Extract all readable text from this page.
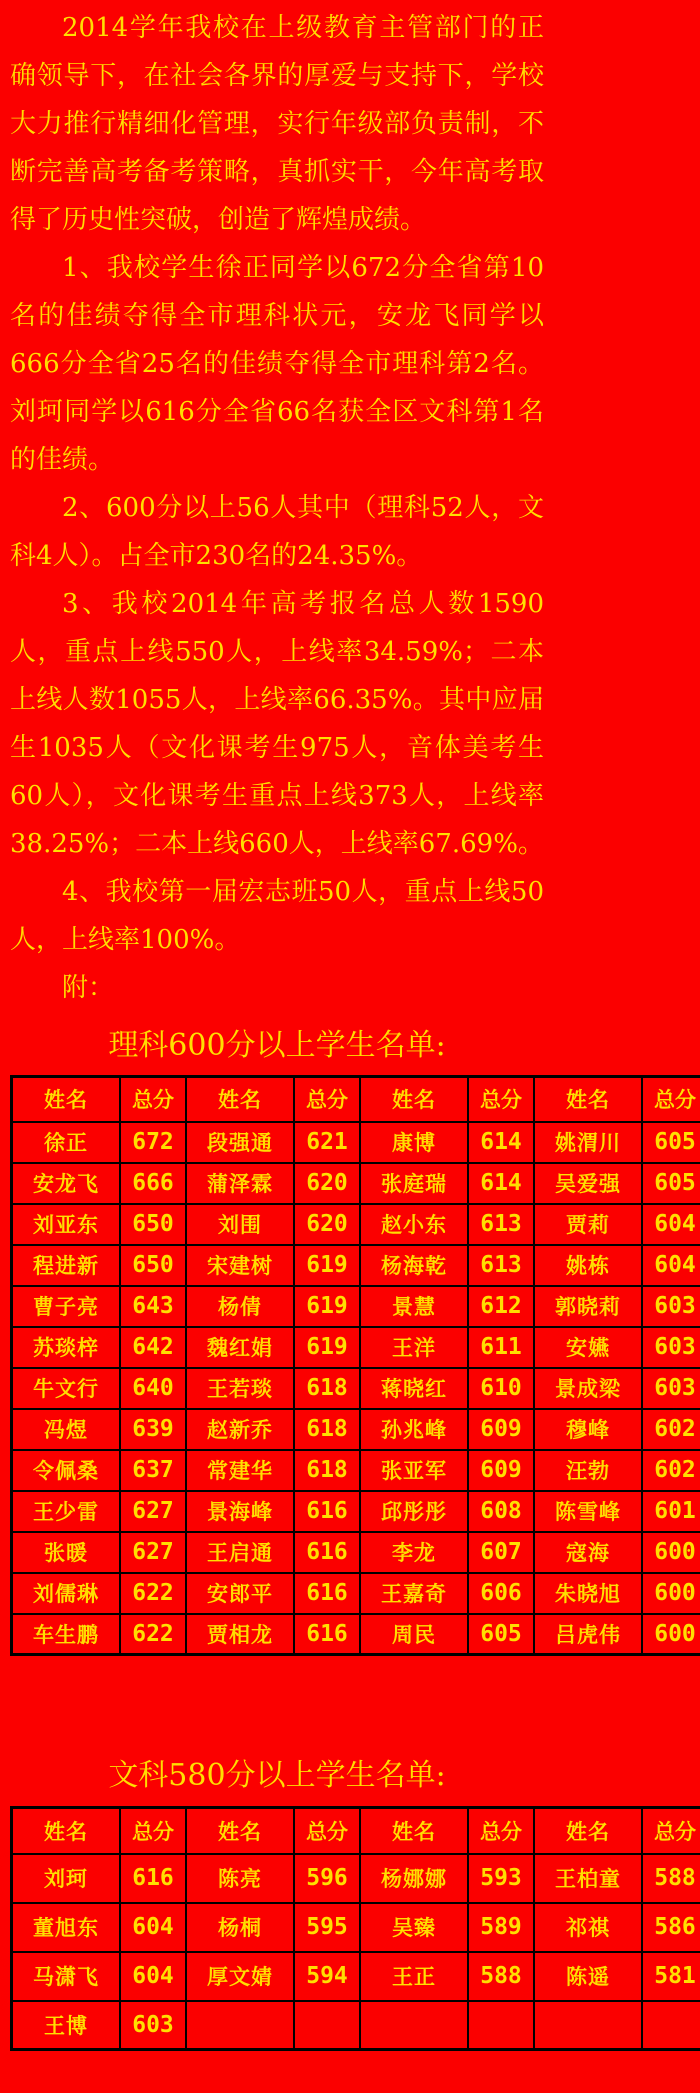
2014学年我校在上级教育主管部门的正确领导下，在社会各界的厚爱与支持下，学校大力推行精细化管理，实行年级部负责制，不断完善高考备考策略，真抓实干，今年高考取得了历史性突破，创造了辉煌成绩。

1、我校学生徐正同学以672分全省第10名的佳绩夺得全市理科状元，安龙飞同学以666分全省25名的佳绩夺得全市理科第2名。刘珂同学以616分全省66名获全区文科第1名的佳绩。

2、600分以上56人其中（理科52人，文科4人）。占全市230名的24.35%。

3、我校2014年高考报名总人数1590人，重点上线550人，上线率34.59%；二本上线人数1055人，上线率66.35%。其中应届生1035人（文化课考生975人，音体美考生60人），文化课考生重点上线373人，上线率38.25%；二本上线660人，上线率67.69%。

4、我校第一届宏志班50人，重点上线50人，上线率100%。

附：

理科600分以上学生名单:
姓名	总分	姓名	总分	姓名	总分	姓名	总分
徐正	672	段强通	621	康博	614	姚渭川	605
安龙飞	666	蒲泽霖	620	张庭瑞	614	吴爱强	605
刘亚东	650	刘围	620	赵小东	613	贾莉	604
程进新	650	宋建树	619	杨海乾	613	姚栋	604
曹子亮	643	杨倩	619	景慧	612	郭晓莉	603
苏琰梓	642	魏红娟	619	王洋	611	安嬿	603
牛文行	640	王若琰	618	蒋晓红	610	景成梁	603
冯煜	639	赵新乔	618	孙兆峰	609	穆峰	602
令佩桑	637	常建华	618	张亚军	609	汪勃	602
王少雷	627	景海峰	616	邱彤彤	608	陈雪峰	601
张暖	627	王启通	616	李龙	607	寇海	600
刘儒琳	622	安郎平	616	王嘉奇	606	朱晓旭	600
车生鹏	622	贾相龙	616	周民	605	吕虎伟	600
文科580分以上学生名单:
姓名	总分	姓名	总分	姓名	总分	姓名	总分
刘珂	616	陈亮	596	杨娜娜	593	王柏童	588
董旭东	604	杨桐	595	吴臻	589	祁祺	586
马潇飞	604	厚文婧	594	王正	588	陈遥	581
王博	603						
